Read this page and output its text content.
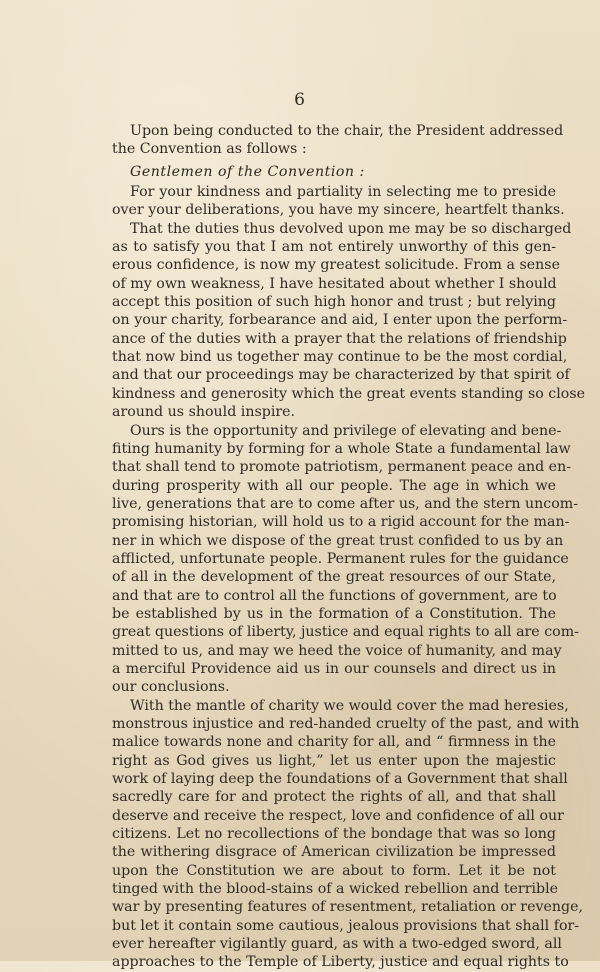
6

Upon being conducted to the chair, the President addressed
the Convention as follows :

Gentlemen of the Convention :

For your kindness and partiality in selecting me to preside
over your deliberations, you have my sincere, heartfelt thanks.

That the duties thus devolved upon me may be so discharged
as to satisfy you that I am not entirely unworthy of this gen-
erous confidence, is now my greatest solicitude. From a sense
of my own weakness, I have hesitated about whether I should
accept this position of such high honor and trust ; but relying
on your charity, forbearance and aid, I enter upon the perform-
ance of the duties with a prayer that the relations of friendship
that now bind us together may continue to be the most cordial,
and that our proceedings may be characterized by that spirit of
kindness and generosity which the great events standing so close
around us should inspire.

Ours is the opportunity and privilege of elevating and bene-
fiting humanity by forming for a whole State a fundamental law
that shall tend to promote patriotism, permanent peace and en-
during prosperity with all our people. The age in which we
live, generations that are to come after us, and the stern uncom-
promising historian, will hold us to a rigid account for the man-
ner in which we dispose of the great trust confided to us by an
afflicted, unfortunate people. Permanent rules for the guidance
of all in the development of the great resources of our State,
and that are to control all the functions of government, are to
be established by us in the formation of a Constitution. The
great questions of liberty, justice and equal rights to all are com-
mitted to us, and may we heed the voice of humanity, and may
a merciful Providence aid us in our counsels and direct us in
our conclusions.

With the mantle of charity we would cover the mad heresies,
monstrous injustice and red-handed cruelty of the past, and with
malice towards none and charity for all, and “ firmness in the
right as God gives us light,” let us enter upon the majestic
work of laying deep the foundations of a Government that shall
sacredly care for and protect the rights of all, and that shall
deserve and receive the respect, love and confidence of all our
citizens. Let no recollections of the bondage that was so long
the withering disgrace of American civilization be impressed
upon the Constitution we are about to form. Let it be not
tinged with the blood-stains of a wicked rebellion and terrible
war by presenting features of resentment, retaliation or revenge,
but let it contain some cautious, jealous provisions that shall for-
ever hereafter vigilantly guard, as with a two-edged sword, all
approaches to the Temple of Liberty, justice and equal rights to
